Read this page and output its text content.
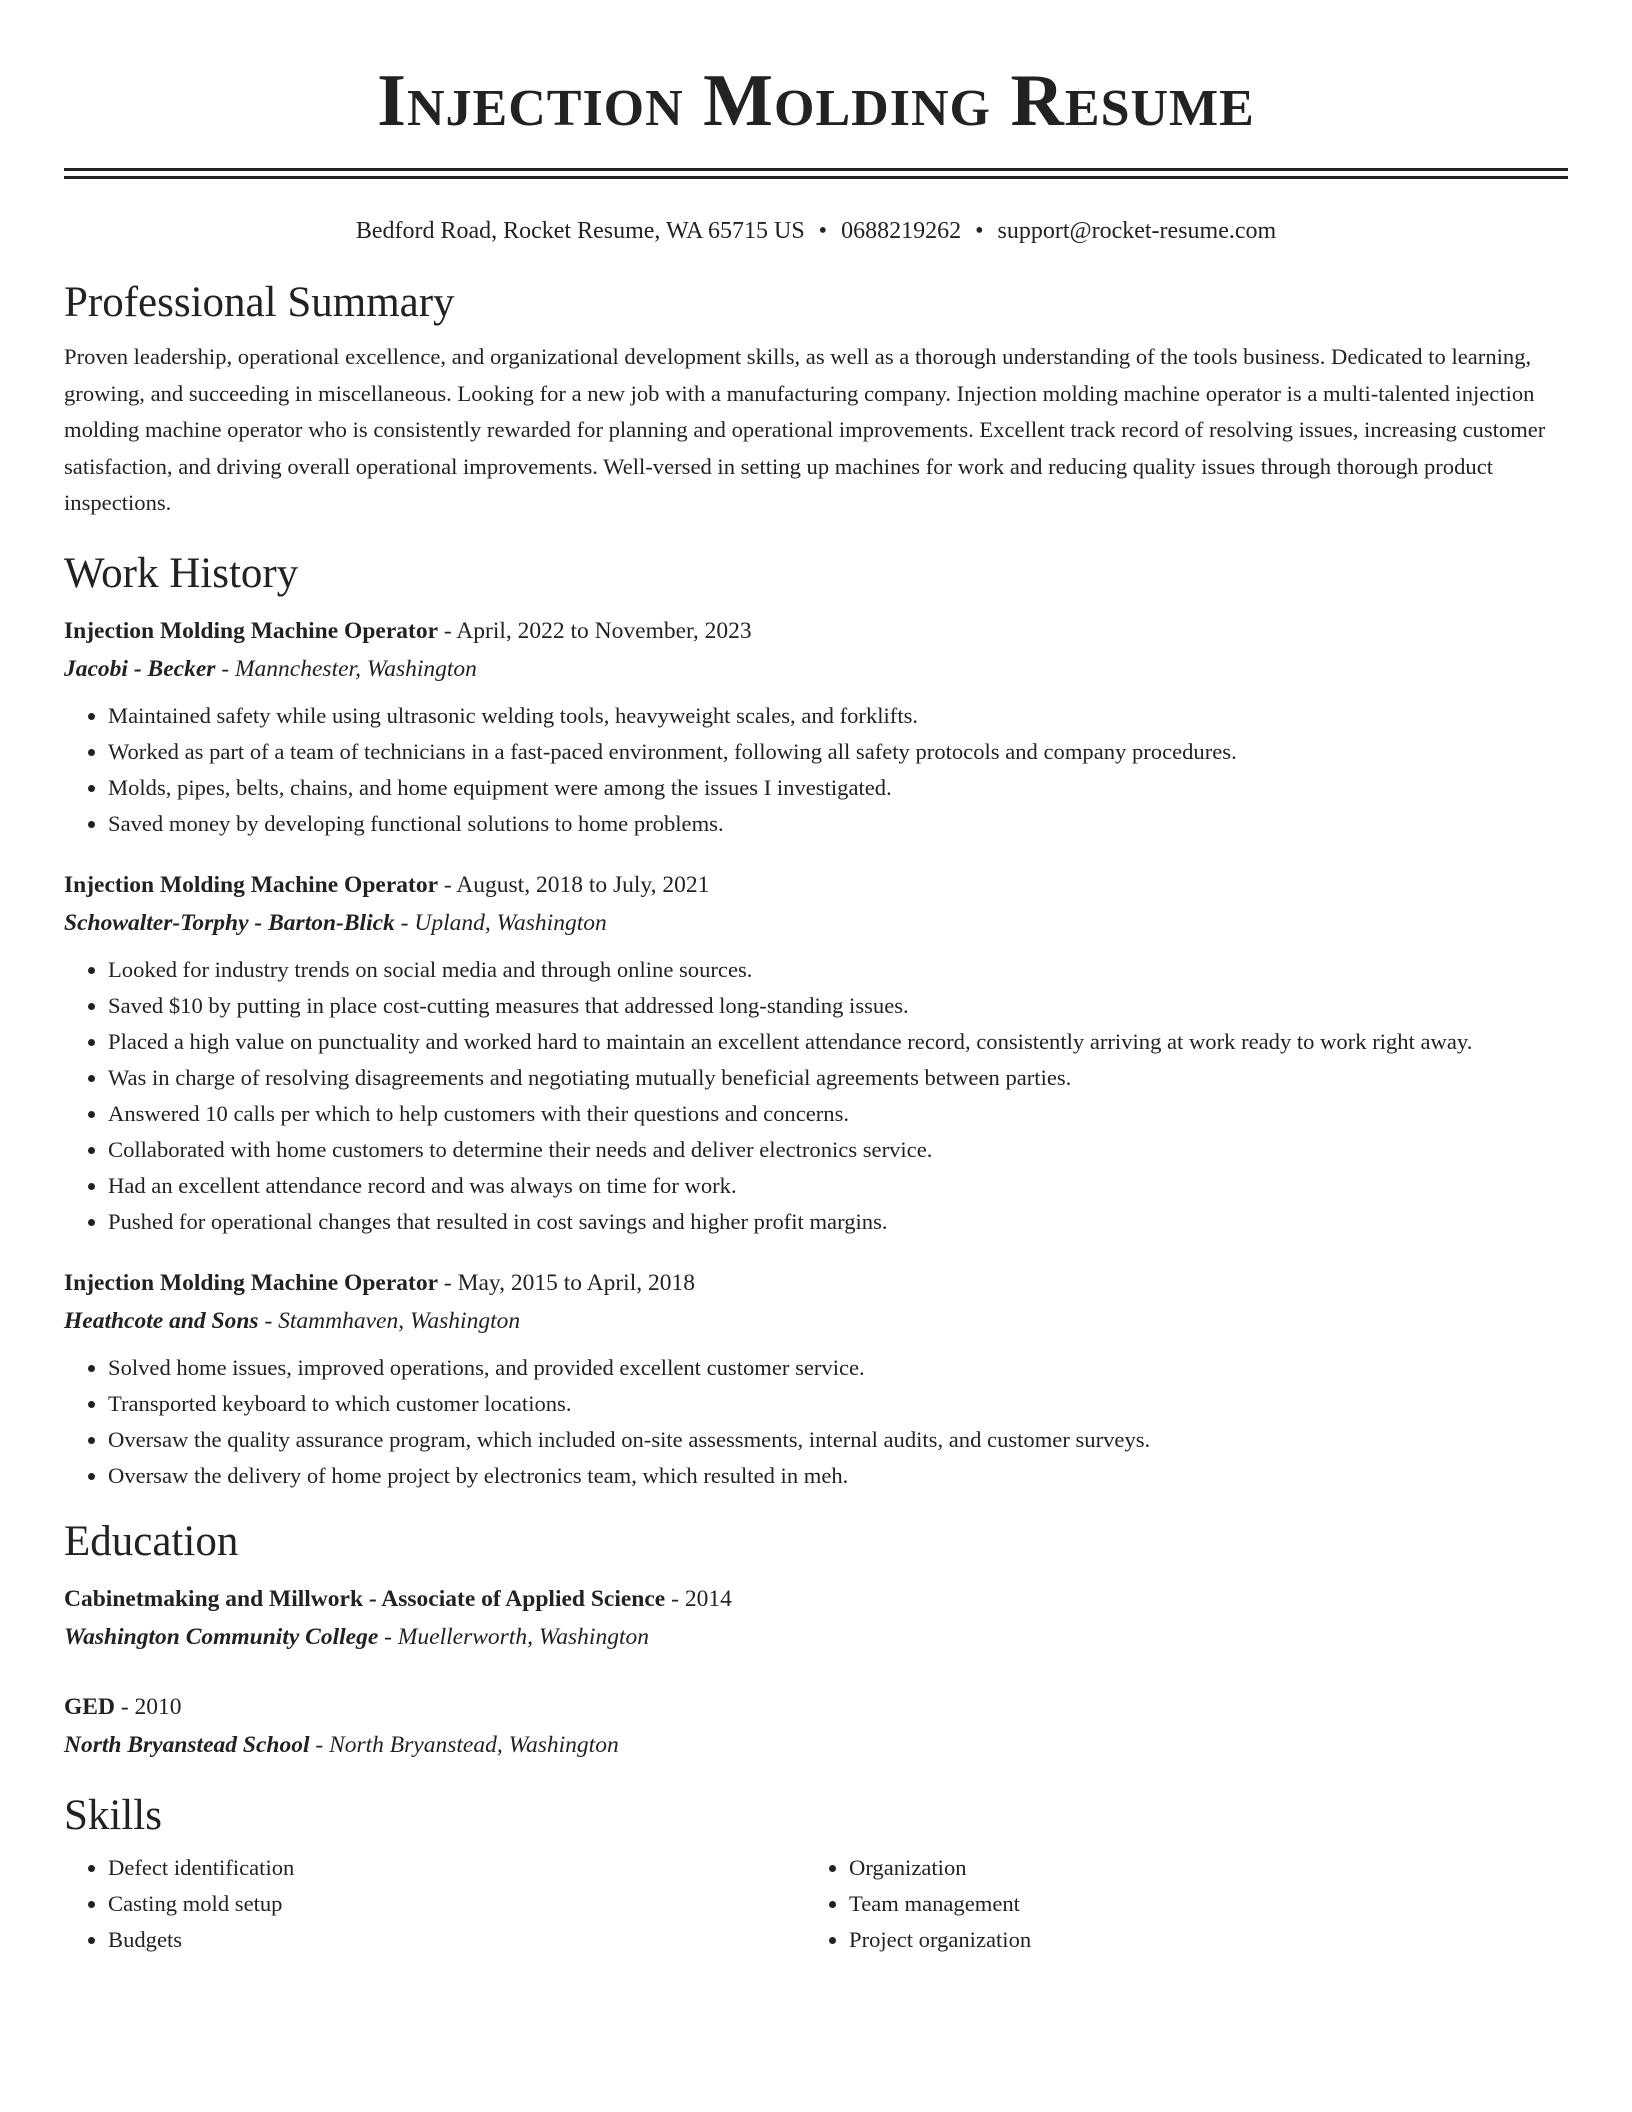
Injection Molding Resume
Bedford Road, Rocket Resume, WA 65715 US • 0688219262 • support@rocket-resume.com
Professional Summary
Proven leadership, operational excellence, and organizational development skills, as well as a thorough understanding of the tools business. Dedicated to learning, growing, and succeeding in miscellaneous. Looking for a new job with a manufacturing company. Injection molding machine operator is a multi-talented injection molding machine operator who is consistently rewarded for planning and operational improvements. Excellent track record of resolving issues, increasing customer satisfaction, and driving overall operational improvements. Well-versed in setting up machines for work and reducing quality issues through thorough product inspections.
Work History
Injection Molding Machine Operator - April, 2022 to November, 2023
Jacobi - Becker - Mannchester, Washington
• Maintained safety while using ultrasonic welding tools, heavyweight scales, and forklifts.
• Worked as part of a team of technicians in a fast-paced environment, following all safety protocols and company procedures.
• Molds, pipes, belts, chains, and home equipment were among the issues I investigated.
• Saved money by developing functional solutions to home problems.
Injection Molding Machine Operator - August, 2018 to July, 2021
Schowalter-Torphy - Barton-Blick - Upland, Washington
• Looked for industry trends on social media and through online sources.
• Saved $10 by putting in place cost-cutting measures that addressed long-standing issues.
• Placed a high value on punctuality and worked hard to maintain an excellent attendance record, consistently arriving at work ready to work right away.
• Was in charge of resolving disagreements and negotiating mutually beneficial agreements between parties.
• Answered 10 calls per which to help customers with their questions and concerns.
• Collaborated with home customers to determine their needs and deliver electronics service.
• Had an excellent attendance record and was always on time for work.
• Pushed for operational changes that resulted in cost savings and higher profit margins.
Injection Molding Machine Operator - May, 2015 to April, 2018
Heathcote and Sons - Stammhaven, Washington
• Solved home issues, improved operations, and provided excellent customer service.
• Transported keyboard to which customer locations.
• Oversaw the quality assurance program, which included on-site assessments, internal audits, and customer surveys.
• Oversaw the delivery of home project by electronics team, which resulted in meh.
Education
Cabinetmaking and Millwork - Associate of Applied Science - 2014
Washington Community College - Muellerworth, Washington
GED - 2010
North Bryanstead School - North Bryanstead, Washington
Skills
• Defect identification
• Casting mold setup
• Budgets
• Organization
• Team management
• Project organization
